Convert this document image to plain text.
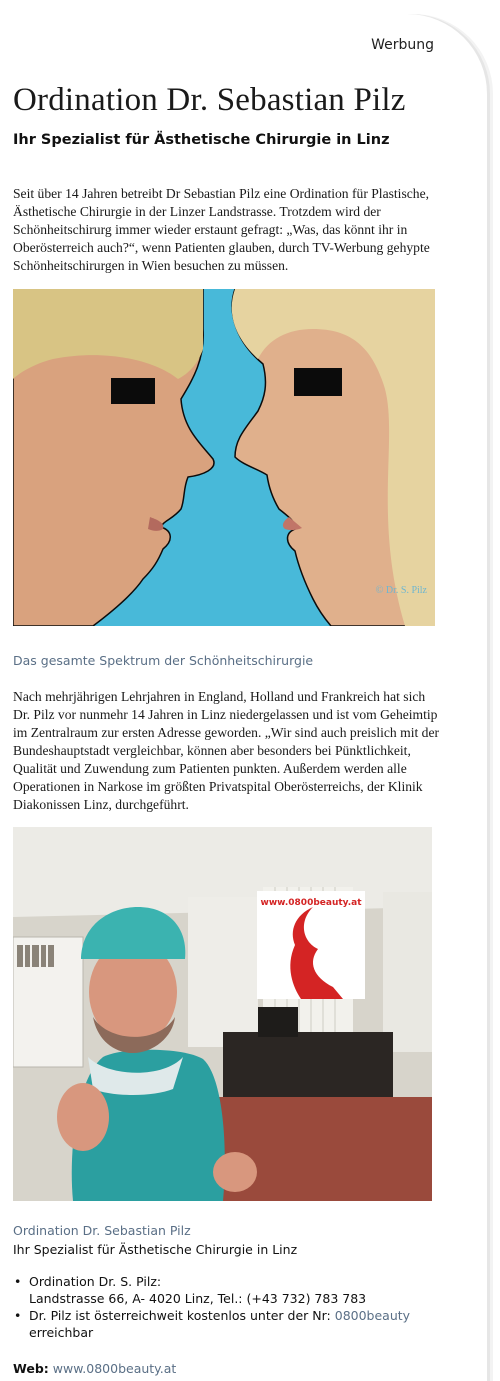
Werbung
Ordination Dr. Sebastian Pilz
Ihr Spezialist für Ästhetische Chirurgie in Linz

Seit über 14 Jahren betreibt Dr Sebastian Pilz eine Ordination für Plastische, Ästhetische Chirurgie in der Linzer Landstrasse. Trotzdem wird der Schönheitschirurg immer wieder erstaunt gefragt: „Was, das könnt ihr in Oberösterreich auch?“, wenn Patienten glauben, durch TV-Werbung gehypte Schönheitschirurgen in Wien besuchen zu müssen.

© Dr. S. Pilz
Das gesamte Spektrum der Schönheitschirurgie

Nach mehrjährigen Lehrjahren in England, Holland und Frankreich hat sich Dr. Pilz vor nunmehr 14 Jahren in Linz niedergelassen und ist vom Geheimtip im Zentralraum zur ersten Adresse geworden. „Wir sind auch preislich mit der Bundeshauptstadt vergleichbar, können aber besonders bei Pünktlichkeit, Qualität und Zuwendung zum Patienten punkten. Außerdem werden alle Operationen in Narkose im größten Privatspital Oberösterreichs, der Klinik Diakonissen Linz, durchgeführt.

www.0800beauty.at

Ordination Dr. Sebastian Pilz

Ihr Spezialist für Ästhetische Chirurgie in Linz

• Ordination Dr. S. Pilz:
Landstrasse 66, A- 4020 Linz, Tel.: (+43 732) 783 783
• Dr. Pilz ist österreichweit kostenlos unter der Nr: 0800beauty
erreichbar

Web: www.0800beauty.at
